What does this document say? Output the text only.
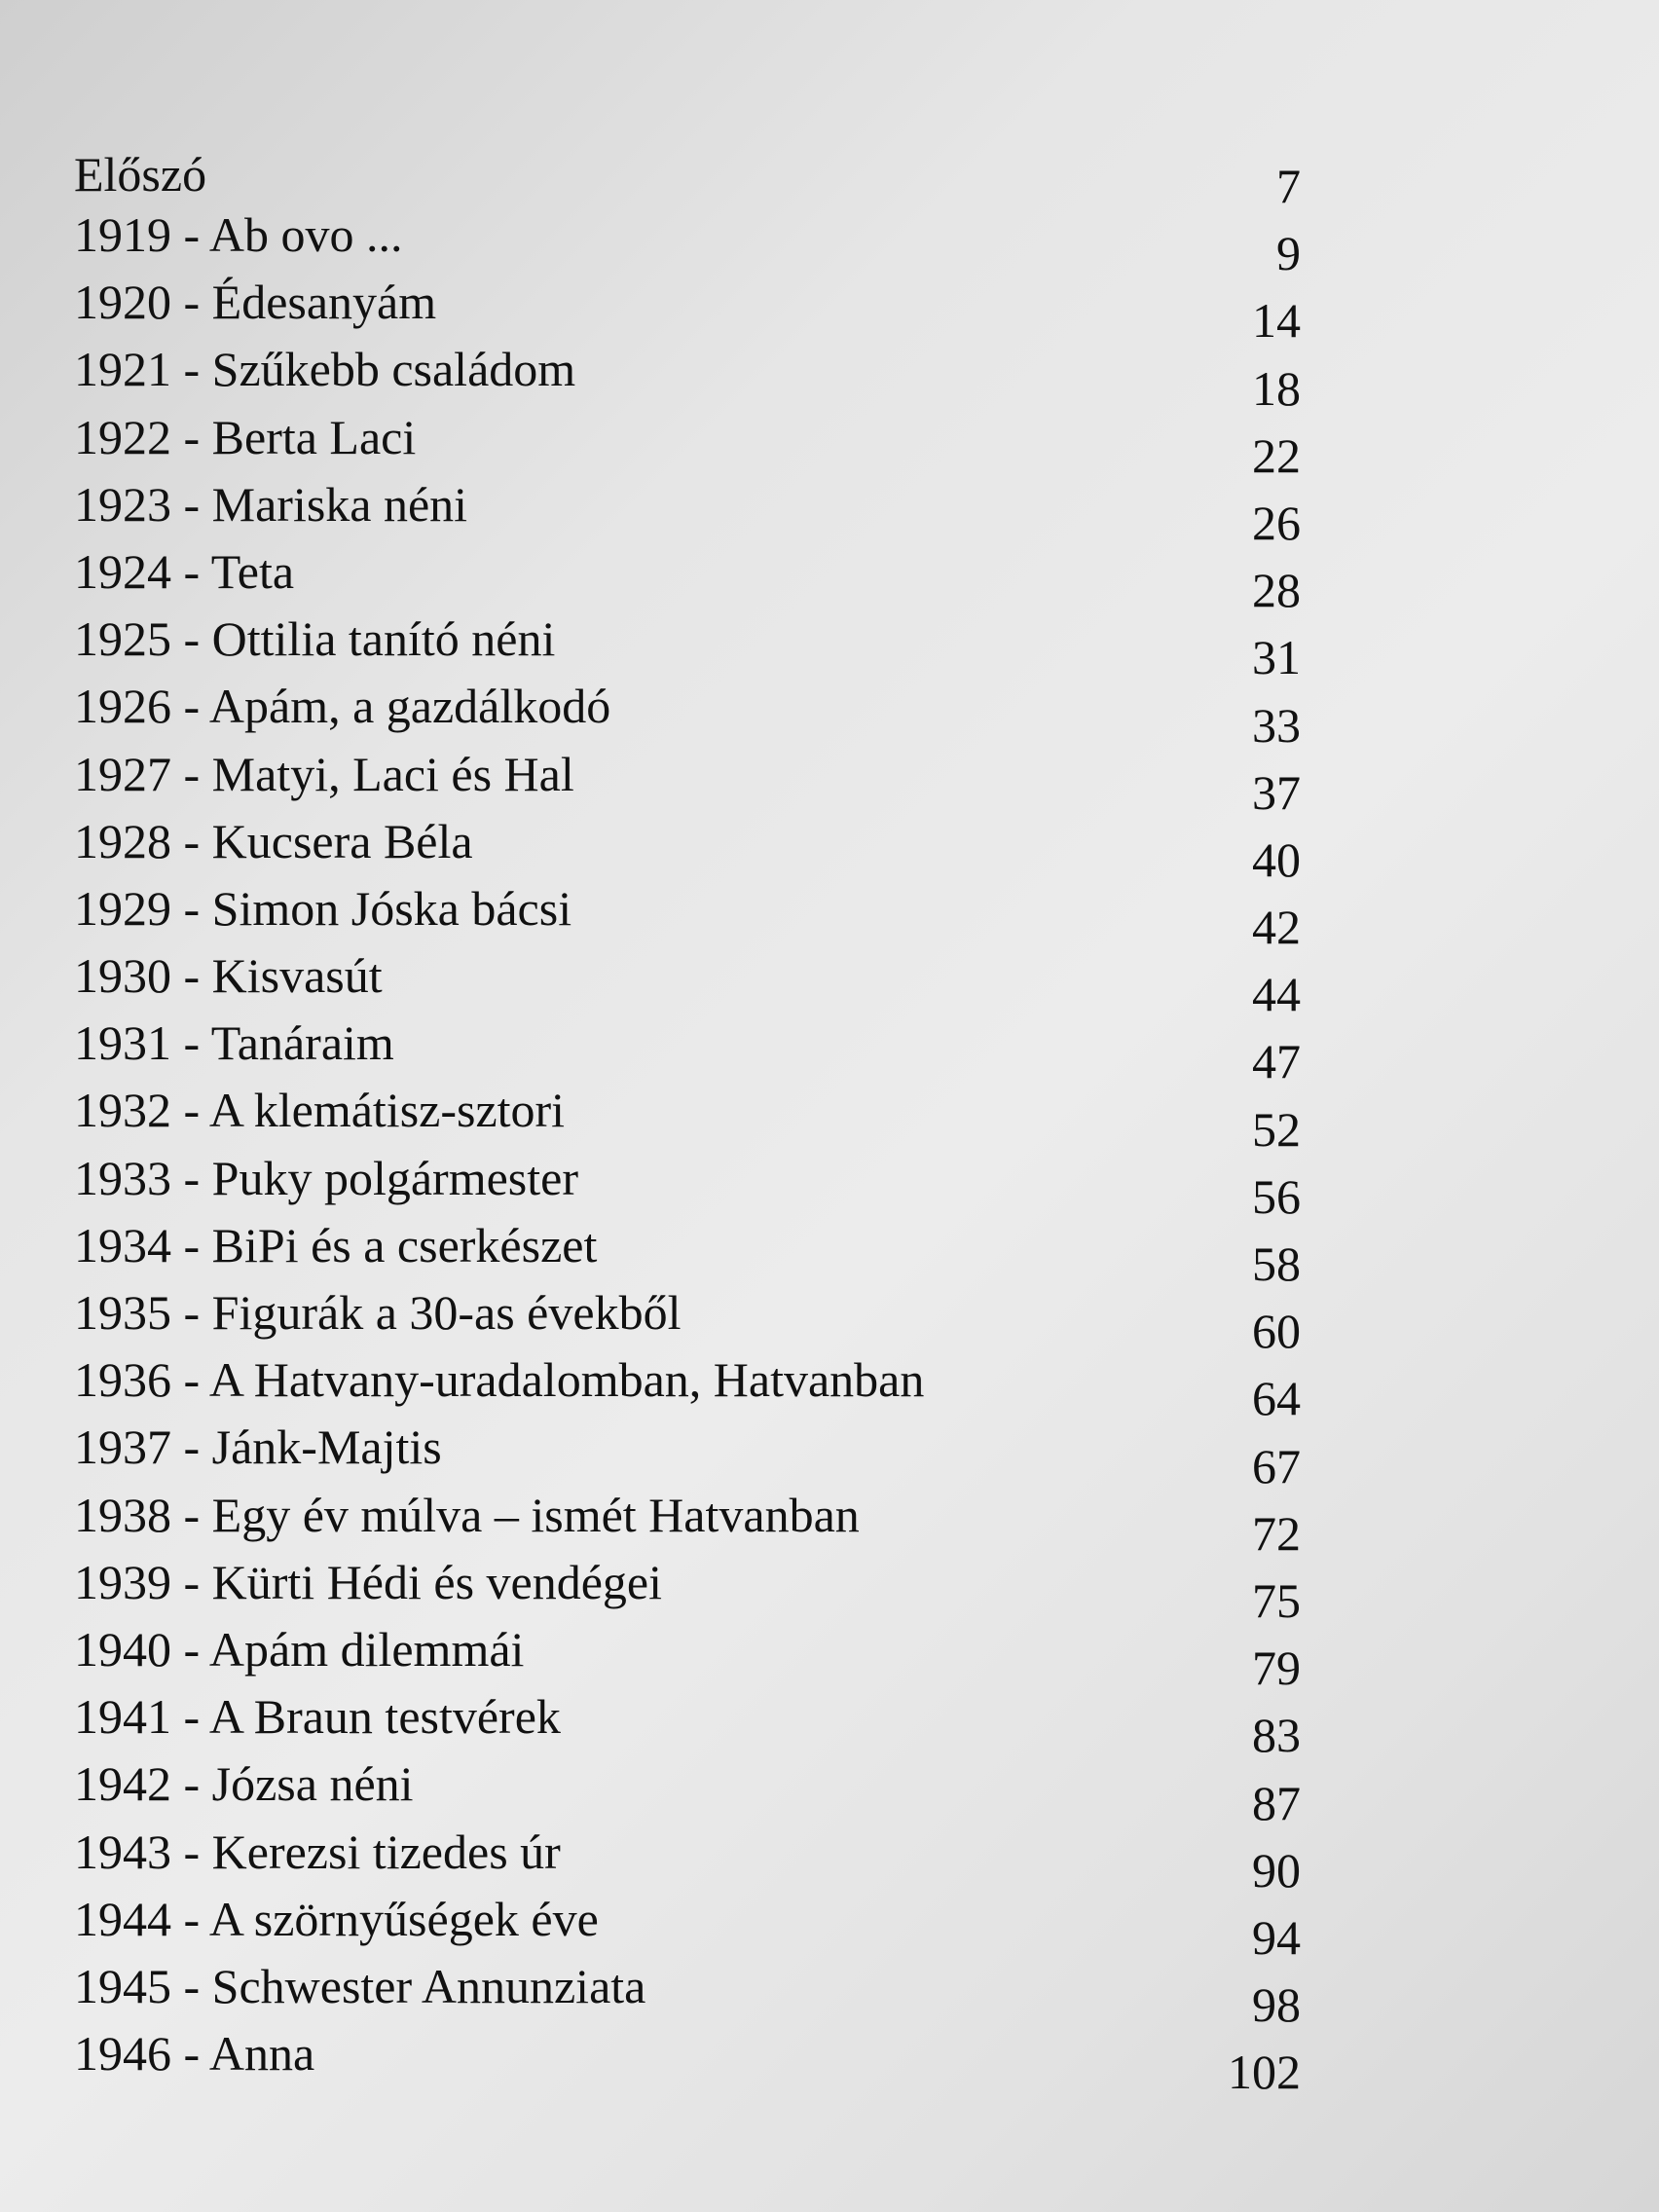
Előszó
1919 - Ab ovo ...
7
1920 - Édesanyám
9
1921 - Szűkebb családom
14
1922 - Berta Laci
18
1923 - Mariska néni
22
1924 - Teta
26
1925 - Ottilia tanító néni
28
1926 - Apám, a gazdálkodó
31
1927 - Matyi, Laci és Hal
33
1928 - Kucsera Béla
37
1929 - Simon Jóska bácsi
40
1930 - Kisvasút
42
1931 - Tanáraim
44
1932 - A klemátisz-sztori
47
1933 - Puky polgármester
52
1934 - BiPi és a cserkészet
56
1935 - Figurák a 30-as évekből
58
1936 - A Hatvany-uradalomban, Hatvanban
60
1937 - Jánk-Majtis
64
1938 - Egy év múlva – ismét Hatvanban
67
1939 - Kürti Hédi és vendégei
72
1940 - Apám dilemmái
75
1941 - A Braun testvérek
79
1942 - Józsa néni
83
1943 - Kerezsi tizedes úr
87
1944 - A szörnyűségek éve
90
1945 - Schwester Annunziata
94
1946 - Anna
98
102
